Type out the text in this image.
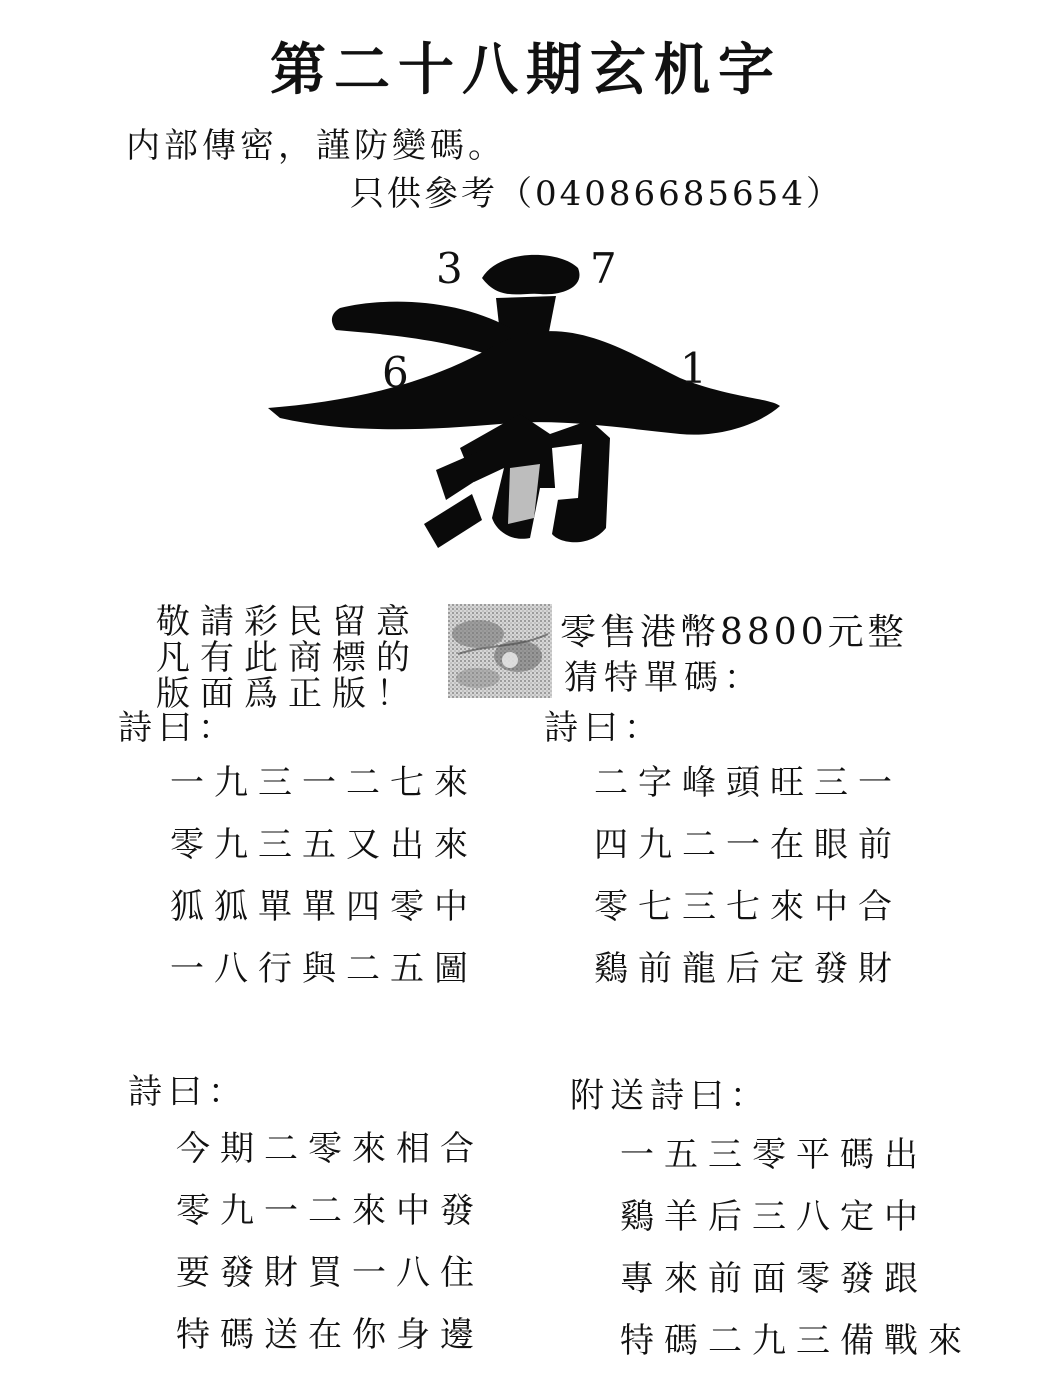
第二十八期玄机字
内部傳密，謹防變碼。
只供參考（04086685654）
3	7
6	1
敬請彩民留意
凡有此商標的
版面爲正版！
零售港幣8800元整
猜特單碼：
詩曰：
一九三一二七來
零九三五又出來
狐狐單單四零中
一八行與二五圖
詩曰：
二字峰頭旺三一
四九二一在眼前
零七三七來中合
鷄前龍后定發財
詩曰：
今期二零來相合
零九一二來中發
要發財買一八住
特碼送在你身邊
附送詩曰：
一五三零平碼出
鷄羊后三八定中
專來前面零發跟
特碼二九三備戰來
